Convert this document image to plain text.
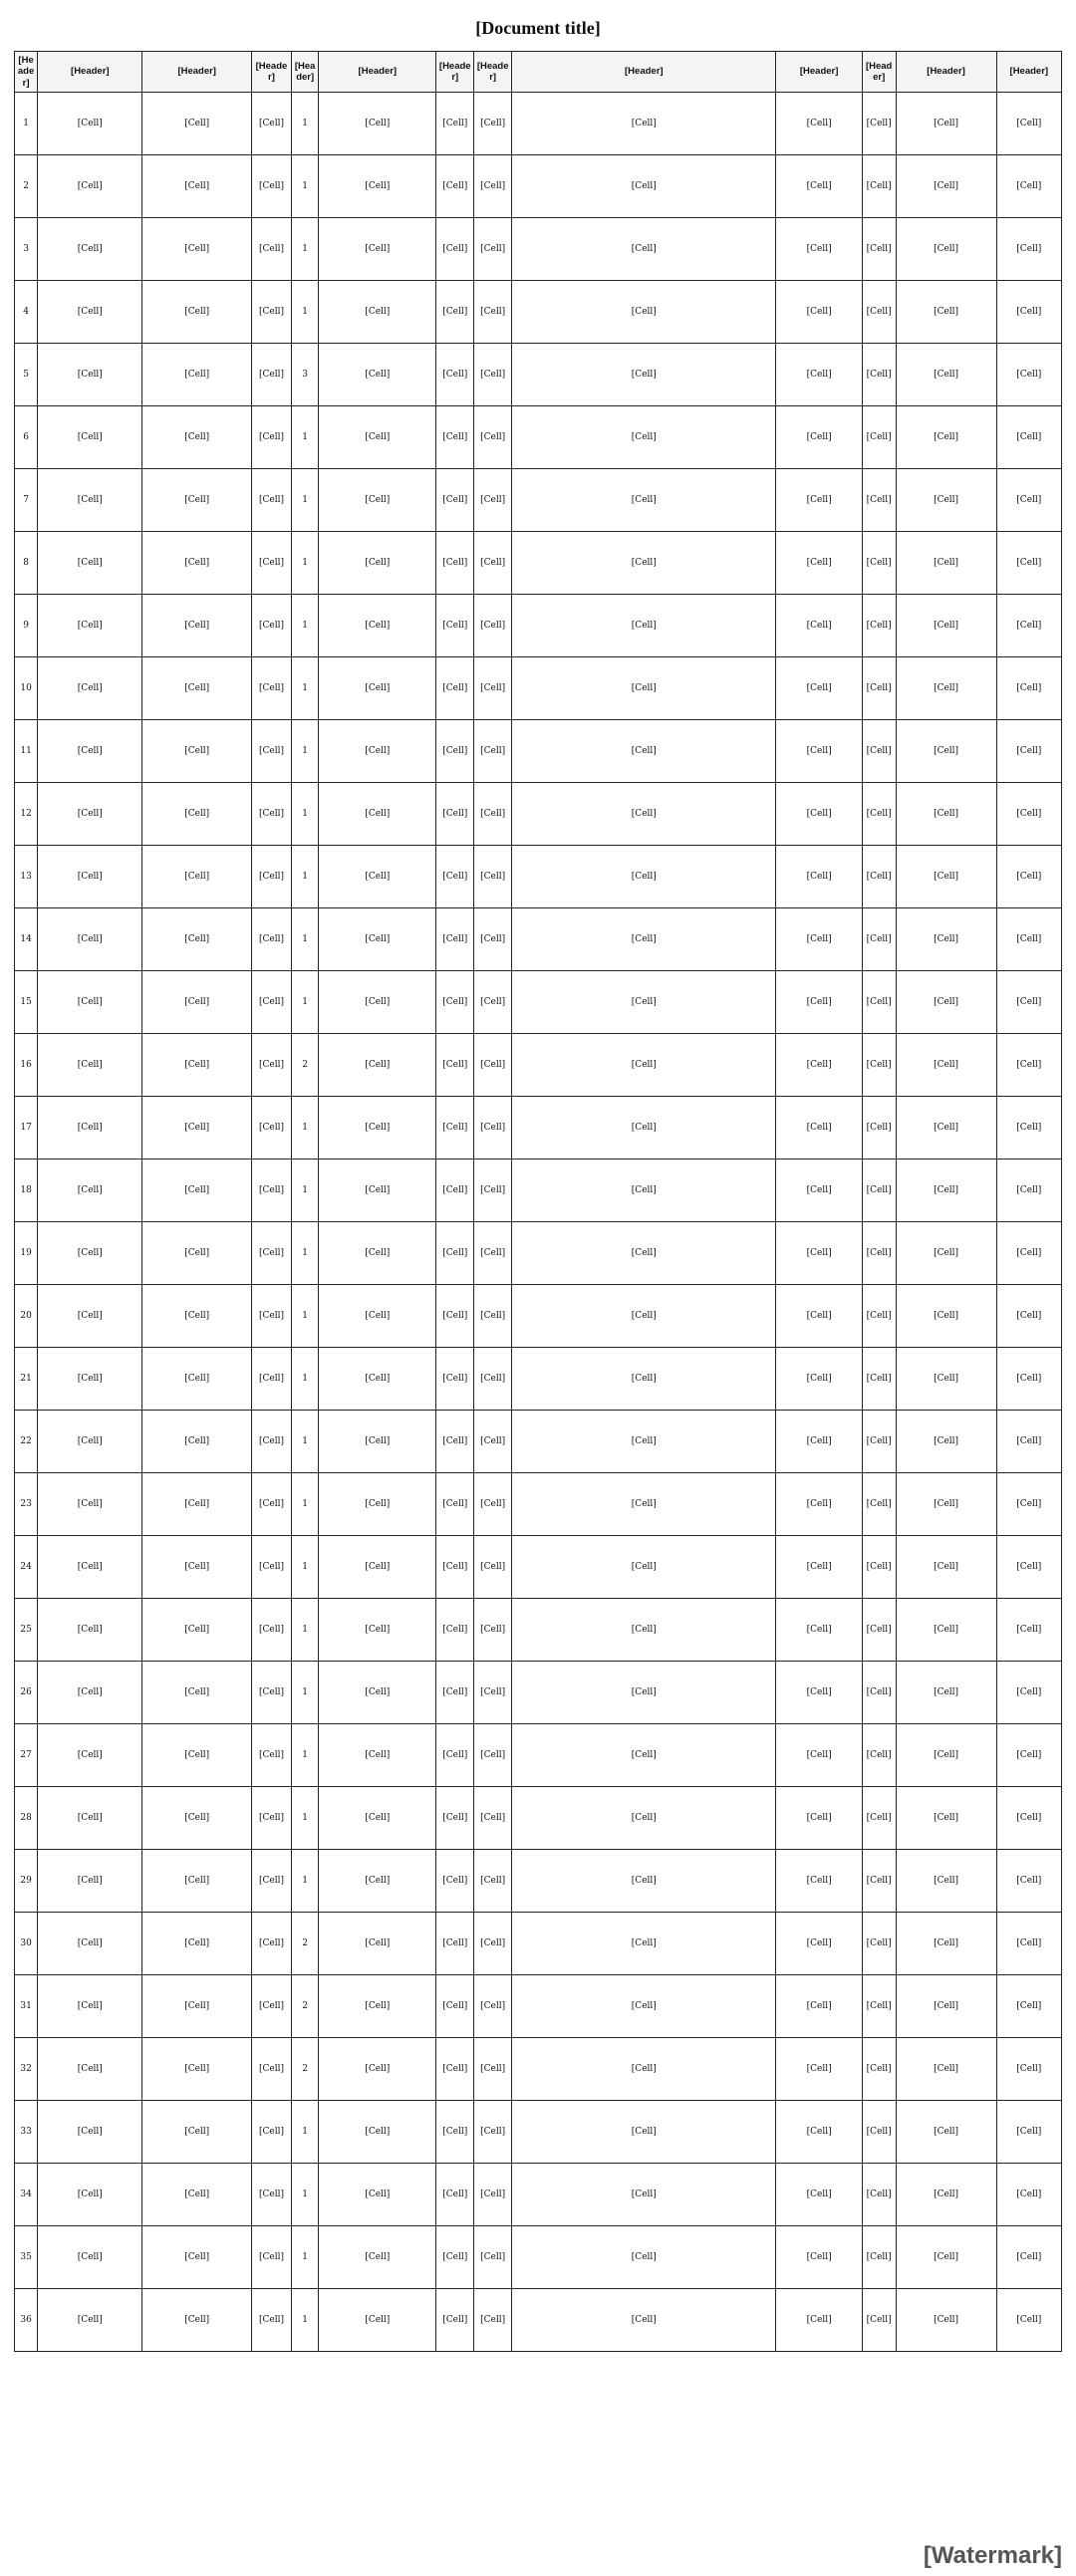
[Document title]
[Header]	[Header]	[Header]	[Header]	[Header]	[Header]	[Header]	[Header]	[Header]	[Header]	[Header]	[Header]	[Header]
1	[Cell]	[Cell]	[Cell]	1	[Cell]	[Cell]	[Cell]	[Cell]	[Cell]	[Cell]	[Cell]	[Cell]
2	[Cell]	[Cell]	[Cell]	1	[Cell]	[Cell]	[Cell]	[Cell]	[Cell]	[Cell]	[Cell]	[Cell]
3	[Cell]	[Cell]	[Cell]	1	[Cell]	[Cell]	[Cell]	[Cell]	[Cell]	[Cell]	[Cell]	[Cell]
4	[Cell]	[Cell]	[Cell]	1	[Cell]	[Cell]	[Cell]	[Cell]	[Cell]	[Cell]	[Cell]	[Cell]
5	[Cell]	[Cell]	[Cell]	3	[Cell]	[Cell]	[Cell]	[Cell]	[Cell]	[Cell]	[Cell]	[Cell]
6	[Cell]	[Cell]	[Cell]	1	[Cell]	[Cell]	[Cell]	[Cell]	[Cell]	[Cell]	[Cell]	[Cell]
7	[Cell]	[Cell]	[Cell]	1	[Cell]	[Cell]	[Cell]	[Cell]	[Cell]	[Cell]	[Cell]	[Cell]
8	[Cell]	[Cell]	[Cell]	1	[Cell]	[Cell]	[Cell]	[Cell]	[Cell]	[Cell]	[Cell]	[Cell]
9	[Cell]	[Cell]	[Cell]	1	[Cell]	[Cell]	[Cell]	[Cell]	[Cell]	[Cell]	[Cell]	[Cell]
10	[Cell]	[Cell]	[Cell]	1	[Cell]	[Cell]	[Cell]	[Cell]	[Cell]	[Cell]	[Cell]	[Cell]
11	[Cell]	[Cell]	[Cell]	1	[Cell]	[Cell]	[Cell]	[Cell]	[Cell]	[Cell]	[Cell]	[Cell]
12	[Cell]	[Cell]	[Cell]	1	[Cell]	[Cell]	[Cell]	[Cell]	[Cell]	[Cell]	[Cell]	[Cell]
13	[Cell]	[Cell]	[Cell]	1	[Cell]	[Cell]	[Cell]	[Cell]	[Cell]	[Cell]	[Cell]	[Cell]
14	[Cell]	[Cell]	[Cell]	1	[Cell]	[Cell]	[Cell]	[Cell]	[Cell]	[Cell]	[Cell]	[Cell]
15	[Cell]	[Cell]	[Cell]	1	[Cell]	[Cell]	[Cell]	[Cell]	[Cell]	[Cell]	[Cell]	[Cell]
16	[Cell]	[Cell]	[Cell]	2	[Cell]	[Cell]	[Cell]	[Cell]	[Cell]	[Cell]	[Cell]	[Cell]
17	[Cell]	[Cell]	[Cell]	1	[Cell]	[Cell]	[Cell]	[Cell]	[Cell]	[Cell]	[Cell]	[Cell]
18	[Cell]	[Cell]	[Cell]	1	[Cell]	[Cell]	[Cell]	[Cell]	[Cell]	[Cell]	[Cell]	[Cell]
19	[Cell]	[Cell]	[Cell]	1	[Cell]	[Cell]	[Cell]	[Cell]	[Cell]	[Cell]	[Cell]	[Cell]
20	[Cell]	[Cell]	[Cell]	1	[Cell]	[Cell]	[Cell]	[Cell]	[Cell]	[Cell]	[Cell]	[Cell]
21	[Cell]	[Cell]	[Cell]	1	[Cell]	[Cell]	[Cell]	[Cell]	[Cell]	[Cell]	[Cell]	[Cell]
22	[Cell]	[Cell]	[Cell]	1	[Cell]	[Cell]	[Cell]	[Cell]	[Cell]	[Cell]	[Cell]	[Cell]
23	[Cell]	[Cell]	[Cell]	1	[Cell]	[Cell]	[Cell]	[Cell]	[Cell]	[Cell]	[Cell]	[Cell]
24	[Cell]	[Cell]	[Cell]	1	[Cell]	[Cell]	[Cell]	[Cell]	[Cell]	[Cell]	[Cell]	[Cell]
25	[Cell]	[Cell]	[Cell]	1	[Cell]	[Cell]	[Cell]	[Cell]	[Cell]	[Cell]	[Cell]	[Cell]
26	[Cell]	[Cell]	[Cell]	1	[Cell]	[Cell]	[Cell]	[Cell]	[Cell]	[Cell]	[Cell]	[Cell]
27	[Cell]	[Cell]	[Cell]	1	[Cell]	[Cell]	[Cell]	[Cell]	[Cell]	[Cell]	[Cell]	[Cell]
28	[Cell]	[Cell]	[Cell]	1	[Cell]	[Cell]	[Cell]	[Cell]	[Cell]	[Cell]	[Cell]	[Cell]
29	[Cell]	[Cell]	[Cell]	1	[Cell]	[Cell]	[Cell]	[Cell]	[Cell]	[Cell]	[Cell]	[Cell]
30	[Cell]	[Cell]	[Cell]	2	[Cell]	[Cell]	[Cell]	[Cell]	[Cell]	[Cell]	[Cell]	[Cell]
31	[Cell]	[Cell]	[Cell]	2	[Cell]	[Cell]	[Cell]	[Cell]	[Cell]	[Cell]	[Cell]	[Cell]
32	[Cell]	[Cell]	[Cell]	2	[Cell]	[Cell]	[Cell]	[Cell]	[Cell]	[Cell]	[Cell]	[Cell]
33	[Cell]	[Cell]	[Cell]	1	[Cell]	[Cell]	[Cell]	[Cell]	[Cell]	[Cell]	[Cell]	[Cell]
34	[Cell]	[Cell]	[Cell]	1	[Cell]	[Cell]	[Cell]	[Cell]	[Cell]	[Cell]	[Cell]	[Cell]
35	[Cell]	[Cell]	[Cell]	1	[Cell]	[Cell]	[Cell]	[Cell]	[Cell]	[Cell]	[Cell]	[Cell]
36	[Cell]	[Cell]	[Cell]	1	[Cell]	[Cell]	[Cell]	[Cell]	[Cell]	[Cell]	[Cell]	[Cell]
[Watermark]
